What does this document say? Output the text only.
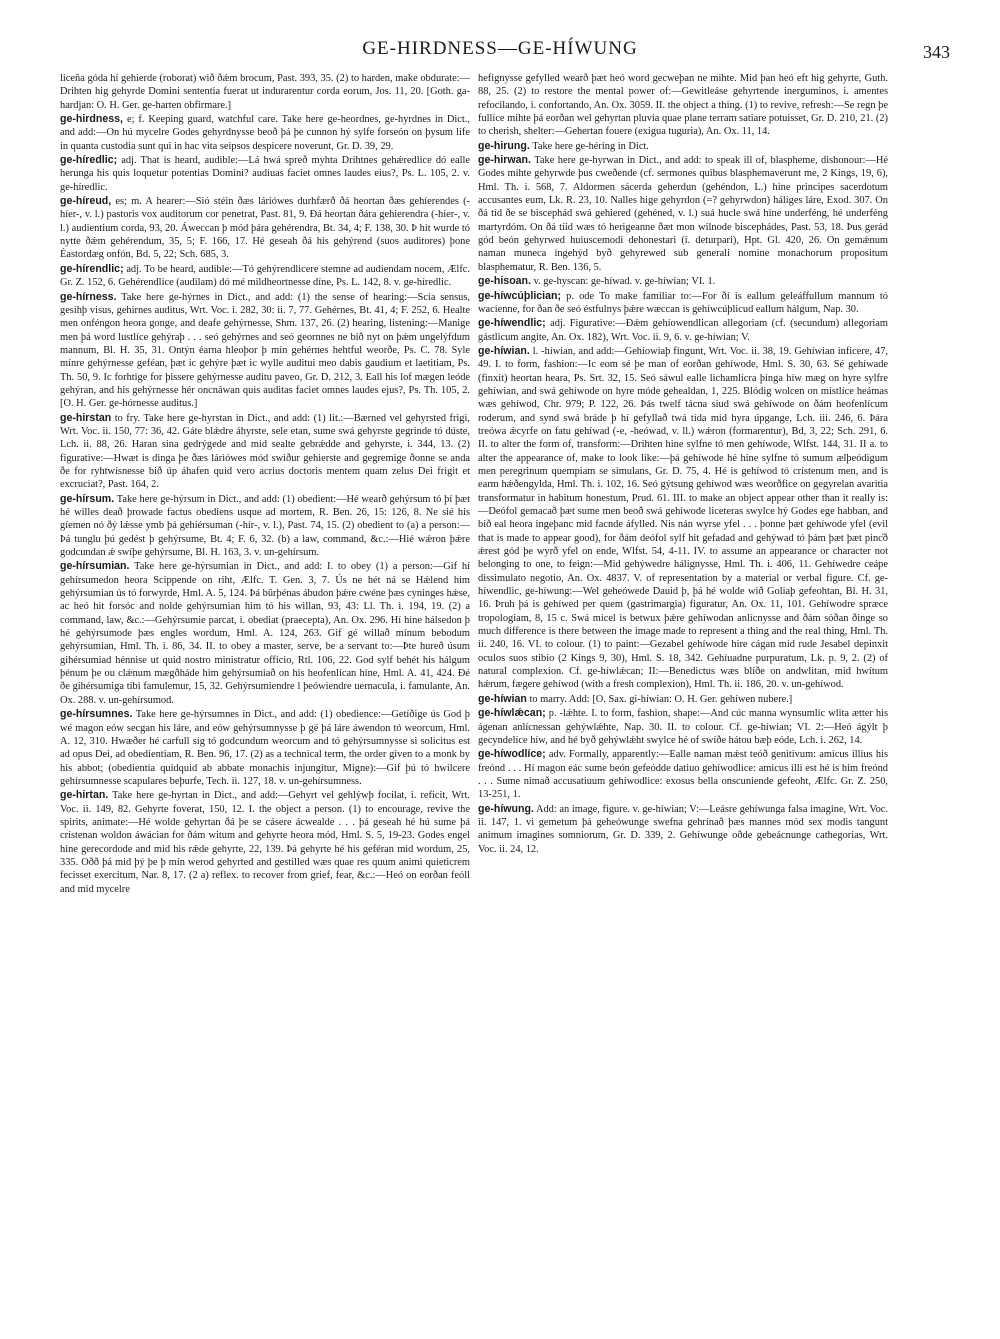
GE-HIRDNESS—GE-HÍWUNG	343

liceña góda hí gehierde (roborat) wið ðǽm brocum, Past. 393, 35. (2) to harden, make obdurate:—Drihten hig gehyrde Domini sententia fuerat ut indurarentur corda eorum, Jos. 11, 20. [Goth. ga-hardjan: O. H. Ger. ge-harten obfirmare.]

ge-hirdness, e; f. Keeping guard, watchful care. Take here ge-heordnes, ge-hyrdnes in Dict., and add:—On hú mycelre Godes gehyrdnysse beoð þá þe cunnon hý sylfe forseón on þysum life in quanta custodia sunt qui in hac vita seipsos despicere noverunt, Gr. D. 39, 29.

ge-híredlic; adj. That is heard, audible:—Lá hwá spreð myhta Drihtnes gehǽredlice dó ealle herunga his quis loquetur potentias Domini? audiuas faciet omnes laudes eius?, Ps. L. 105, 2. v. ge-híredlic.

ge-híreud, es; m. A hearer:—Sió stéin ðæs láriówes durhfærð ðá heortan ðæs gehíerendes (-híer-, v. l.) pastoris vox auditorum cor penetrat, Past. 81, 9. Ðá heortan ðára gehierendra (-híer-, v. l.) audientium corda, 93, 20. Áweccan þ mód þára gehérendra, Bt. 34, 4; F. 138, 30. Þ hit wurde tó nytte ðǽm gehérendum, 35, 5; F. 166, 17. Hé geseah ðá his gehýrend (suos auditores) þone Éastordæg onfón, Bd. 5, 22; Sch. 685, 3.

ge-hírendlic; adj. To be heard, audible:—Tó gehýrendlicere stemne ad audiendam nocem, Ælfc. Gr. Z. 152, 6. Gehérendlice (audilam) dó mé mildheortnesse díne, Ps. L. 142, 8. v. ge-híredlic.

ge-hírness. Take here ge-hýrnes in Dict., and add: (1) the sense of hearing:—Scía sensus, gesihþ visus, gehírnes auditus, Wrt. Voc. i. 282, 30: ii. 7, 77. Gehérnes, Bt. 41, 4; F. 252, 6. Healte men onféngon heora gonge, and deafe gehýrnesse, Shm. 137, 26. (2) hearing, listening:—Manige men þá word lustlíce gehýraþ . . . seó gehýrnes and seó geornnes ne bið nyt on þǽm ungelýfdum mannum, Bl. H. 35, 31. Ontýn éarna hleoþor þ mín gehérnes hehtful weorðe, Ps. C. 78. Syle mínre gehýrnesse geféan, þæt ic gehýre þæt ic wylle auditui meo dabis gaudium et laetitiam, Ps. Th. 50, 9. Ic forhtige for þissere gehýrnesse auditu paveo, Gr. D. 212, 3. Eall his lof mægen leóde gehýran, and his gehýrnesse hér oncnáwan quis auditas faciet omnes laudes ejus?, Ps. Th. 105, 2. [O. H. Ger. ge-hórnesse auditus.]

ge-hirstan to fry. Take here ge-hyrstan in Dict., and add: (1) lit.:—Bærned vel gehyrsted frigi, Wrt. Voc. ii. 150, 77: 36, 42. Gáte blǽdre áhyrste, sele etan, sume swá gehyrste gegrinde tó dúste, Lch. ii. 88, 26. Haran sina gedrýgede and mid sealte gebrǽdde and gehyrste, i. 344, 13. (2) figurative:—Hwæt is dinga þe ðæs láriówes mód swiður gehierste and gegremige ðonne se anda ðe for ryhtwísnesse bið úp áhafen quid vero acrius doctoris mentem quam zelus Dei frigit et excruciat?, Past. 164, 2.

ge-hírsum. Take here ge-hýrsum in Dict., and add: (1) obedient:—Hé wearð gehýrsum tó þí þæt hé willes deað þrowade factus obediens usque ad mortem, R. Ben. 26, 15: 126, 8. Ne sié his gíemen nó ðý lǽsse ymb þá gehiérsuman (-hír-, v. l.), Past. 74, 15. (2) obedient to (a) a person:—Þá tunglu þú gedést þ gehýrsume, Bt. 4; F. 6, 32. (b) a law, command, &c.:—Hié wǽron þǽre godcundan ǽ swíþe gehýrsume, Bl. H. 163, 3. v. un-gehírsum.

ge-hírsumian. Take here ge-hýrsumian in Dict., and add: I. to obey (1) a person:—Gif hí gehírsumedon heora Scippende on riht, Ælfc. T. Gen. 3, 7. Ús ne hét ná se Hǽlend him gehýrsumian ús tó forwyrde, Hml. A. 5, 124. Þá bûrþénas ábudon þǽre cwéne þæs cyninges hǽse, ac heó hit forsóc and nolde gehýrsumian him tó his willan, 93, 43: Ll. Th. i. 194, 19. (2) a command, law, &c.:—Gehýrsumie parcat, i. obediat (praecepta), An. Ox. 296. Hí hine hálsedon þ hé gehýrsumode þæs engles wordum, Hml. A. 124, 263. Gif gé willað mínum bebodum gehýrsumian, Hml. Th. i. 86, 34. II. to obey a master, serve, be a servant to:—Þte hureð úsum gihérsumiad hénnise ut quid nostro ministratur officio, Rtl. 106, 22. God sylf behét his hálgum þénum þe ou clǽnum mægðháde him gehýrsumiað on his heofenlícan híne, Hml. A. 41, 424. Ðé ðe gihérsumiga tibi famulemur, 15, 32. Gehýrsumiendre l þeówiendre uernacula, i. famulante, An. Ox. 288. v. un-gehírsumod.

ge-hírsumnes. Take here ge-hýrsumnes in Dict., and add: (1) obedience:—Getíðige ús God þ wé magon eów secgan his láre, and eów gehýrsumnysse þ gé þá láre áwendon tó weorcum, Hml. A. 12, 310. Hwæðer hé carfull síg tó godcundum weorcum and tó gehýrsumnysse si solicitus est ad opus Dei, ad obedientiam, R. Ben. 96, 17. (2) as a technical term, the order given to a monk by his abbot; (obedientia quidquid ab abbate monachis injungitur, Migne):—Gif þú tó hwilcere gehírsumnesse scapulares beþurfe, Tech. ii. 127, 18. v. un-gehírsumness.

ge-hirtan. Take here ge-hyrtan in Dict., and add:—Gehyrt vel gehlýwþ focilat, i. reficit, Wrt. Voc. ii. 149, 82. Gehyrte foverat, 150, 12. I. the object a person. (1) to encourage, revive the spirits, animate:—Hé wolde gehyrtan ðá þe se cásere ácwealde . . . þá geseah hé hú sume þá crístenan woldon áwácian for ðám witum and gehyrte heora mód, Hml. S. 5, 19-23. Godes engel hine gerecordode and mid his rǽde gehyrte, 22, 139. Þá gehyrte hé his geféran mid wordum, 25, 335. Oðð þá mid þý þe þ mín werod gehyrted and gestilled wæs quae res quum animi quieticrem fecisset exercitum, Nar. 8, 17. (2 a) reflex. to recover from grief, fear, &c.:—Heó on eorðan feóll and mid mycelre

hefignysse gefylled wearð þæt heó word gecweþan ne mihte. Mid þan heó eft hig gehyrte, Guth. 88, 25. (2) to restore the mental power of:—Gewitleáse gehyrtende inerguminos, i. amentes refocilando, i. confortando, An. Ox. 3059. II. the object a thing. (1) to revive, refresh:—Se regn þe fullíce mihte þá eorðan wel gehyrtan pluvia quae plane terram satiare potuisset, Gr. D. 210, 21. (2) to cherish, shelter:—Gehertan fouere (exigua tuguria), An. Ox. 11, 14.

ge-hirung. Take here ge-héring in Dict.

ge-hirwan. Take here ge-hyrwan in Dict., and add: to speak ill of, blaspheme, dishonour:—Hé Godes mihte gehyrwde þus cweðende (cf. sermones quibus blasphemaverunt me, 2 Kings, 19, 6), Hml. Th. i. 568, 7. Aldormen sácerda geherdun (gehéndon, L.) hine principes sacerdotum accusantes eum, Lk. R. 23, 10. Nalles hige gehyrdon (=? gehyrwdon) hálíges láre, Exod. 307. On ðá tíd ðe se biscephád swá gehiered (gehéned, v. l.) suá hucle swá hine underféng, hé underféng martyrdóm. On ðá tíid wæs tó herigeanne ðæt mon wilnode biscephádes, Past. 53, 18. Þus gerád gód beón gehyrwed huiuscemodi dehonestari (i. deturpari), Hpt. Gl. 420, 26. On gemǽnum naman muneca ingehýd byð gehyrewed sub generali nomine monachorum propositum blasphematur, R. Ben. 136, 5.

ge-hisoan. v. ge-hyscan: ge-híwad. v. ge-híwian; VI. 1.

ge-híwcúþlician; p. ode To make familiar to:—For ðí is eallum geleáffullum mannum tó wacienne, for ðan ðe seó éstfulnys þǽre wæccan is gehíwcúþlicud eallum hálgum, Nap. 30.

ge-híwendlic; adj. Figurative:—Ðǽm gehíowendlican allegoriam (cf. (secundum) allegoriam gástlicum angite, An. Ox. 182), Wrt. Voc. ii. 9, 6. v. ge-híwian; V.

ge-híwian. l. -híwian, and add:—Gehíowiaþ fingunt, Wrt. Voc. ii. 38, 19. Gehíwian inficere, 47, 49. I. to form, fashion:—Ic eom sé þe man of eorðan gehíwode, Hml. S. 30, 63. Sé gehíwade (finxit) heortan heara, Ps. Srt. 32, 15. Seó sáwul ealle lichamlícra þinga híw mæg on hyre sylfre gehíwian, and swá gehíwode on hyre móde gehealdan, 1, 225. Blódig wolcen on místlíce heámas wæs gehíwod, Chr. 979; P. 122, 26. Þás twelf tácna siud swá gehíwode on ðám heofenlícum roderum, and synd swá bráde þ hí gefyllað twá tída mid hyra úpgange, Lch. iii. 246, 6. Þára treówa ǽcyrfe on fatu gehíwad (-e, -heówad, v. ll.) wǽron (formarentur), Bd, 3, 22; Sch. 291, 6. II. to alter the form of, transform:—Drihten hine sylfne tó men gehíwode, Wlfst. 144, 31. II a. to alter the appearance of, make to look like:—þá gehíwode hé hine sylfne tó sumum ælþeódigum men peregrinum quempiam se simulans, Gr. D. 75, 4. Hé is gehíwod tó crístenum men, and is earm hǽðengylda, Hml. Th. i. 102, 16. Seó gýtsung gehíwod wæs weorðfice on gegyrelan avaritia transformatur in habitum honestum, Prud. 61. III. to make an object appear other than it really is:—Deófol gemacað þæt sume men beoð swá gehíwode liceteras swylce hý Godes ege habban, and bið eal heora ingeþanc mid facnde áfylled. Nis nán wyrse yfel . . . þonne þæt gehíwode yfel (evil that is made to appear good), for ðám deófol sylf hit gefadad and gehýwad tó þám þæt þæt pinc̓ð ǽrest gód þe wyrð yfel on ende, Wlfst. 54, 4-11. IV. to assume an appearance or character not belonging to one, to feign:—Mid gehýwedre hálignysse, Hml. Th. i. 406, 11. Gehíwedre ceápe dissimulato negotio, An. Ox. 4837. V. of representation by a material or verbal figure. Cf. ge-híwendlic, ge-híwung:—Wel geheówede Dauid þ, þá hé wolde wið Goliaþ gefeohtan, Bl. H. 31, 16. Þruh þá is gehíwed per quem (gastrimargia) figuratur, An. Ox. 11, 101. Gehíwodre spræce tropologiam, 8, 15 c. Swá micel is betwux þǽre gehíwodan anlícnysse and ðám sóðan ðinge so much difference is there between the image made to represent a thing and the real thing, Hml. Th. ii. 240, 16. VI. to colour. (1) to paint:—Gezabel gehíwode hire cágan mid rude Jesabel depinxit oculos suos stibio (2 Kings 9, 30), Hml. S. 18, 342. Gehíuadne purpuratum, Lk. p. 9, 2. (2) of natural complexion. Cf. ge-híwlǽcan; II:—Benedictus wæs blíðe on andwlitan, mid hwítum hǽrum, fægere gehíwod (with a fresh complexion), Hml. Th. ii. 186, 20. v. un-gehíwod.

ge-híwian to marry. Add: [O. Sax. gi-híwian: O. H. Ger. gehíwen nubere.]

ge-híwlǽcan; p. -lǽhte. I. to form, fashion, shape:—And cúc manna wynsumlíc wlita ætter his ágenan anlícnessan gehýwlǽhte, Nap. 30. II. to colour. Cf. ge-híwian; VI. 2:—Heó ágýlt þ gecyndelíce híw, and hé byð gehýwlǽht swylce hé of swíðe hátou bæþ eóde, Lch. i. 262, 14.

ge-híwodlíce; adv. Formally, apparently:—Ealle naman mǽst teóð genitivum: amicus illius his freónd . . . Hí magon eác sume beón gefeódde datiuo gehíwodlice: amicus illi est hé is him freónd . . . Sume nimað accusatiuum gehíwodlice: exosus bella onscuniende gefeoht, Ælfc. Gr. Z. 250, 13-251, 1.

ge-híwung. Add: an image, figure. v. ge-híwian; V:—Leásre gehíwunga falsa imagine, Wrt. Voc. ii. 147, 1. vi gemetum þá geheówunge swefna gehrínað þæs mannes mód sex modis tangunt animum imagines somniorum, Gr. D. 339, 2. Gehíwunge oðde gebeácnunge cathegorias, Wrt. Voc. ii. 24, 12.
